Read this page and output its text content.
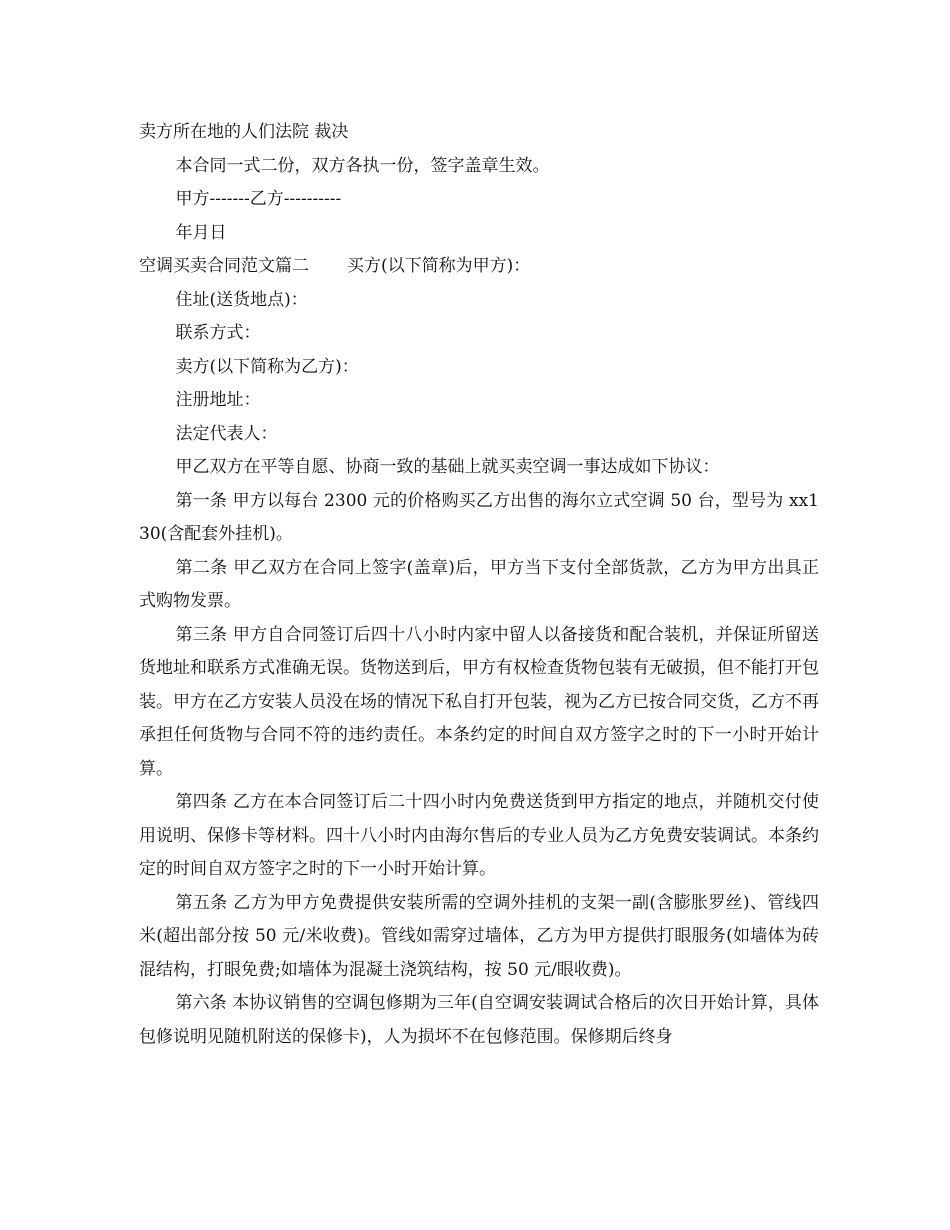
卖方所在地的人们法院 裁决

本合同一式二份，双方各执一份，签字盖章生效。

甲方-------乙方----------

年月日

空调买卖合同范文篇二 买方(以下简称为甲方)：

住址(送货地点)：

联系方式：

卖方(以下简称为乙方)：

注册地址：

法定代表人：

甲乙双方在平等自愿、协商一致的基础上就买卖空调一事达成如下协议：

第一条 甲方以每台 2300 元的价格购买乙方出售的海尔立式空调 50 台，型号为 xx130(含配套外挂机)。

第二条 甲乙双方在合同上签字(盖章)后，甲方当下支付全部货款，乙方为甲方出具正式购物发票。

第三条 甲方自合同签订后四十八小时内家中留人以备接货和配合装机，并保证所留送货地址和联系方式准确无误。货物送到后，甲方有权检查货物包装有无破损，但不能打开包装。甲方在乙方安装人员没在场的情况下私自打开包装，视为乙方已按合同交货，乙方不再承担任何货物与合同不符的违约责任。本条约定的时间自双方签字之时的下一小时开始计算。

第四条 乙方在本合同签订后二十四小时内免费送货到甲方指定的地点，并随机交付使用说明、保修卡等材料。四十八小时内由海尔售后的专业人员为乙方免费安装调试。本条约定的时间自双方签字之时的下一小时开始计算。

第五条 乙方为甲方免费提供安装所需的空调外挂机的支架一副(含膨胀罗丝)、管线四米(超出部分按 50 元/米收费)。管线如需穿过墙体，乙方为甲方提供打眼服务(如墙体为砖混结构，打眼免费;如墙体为混凝土浇筑结构，按 50 元/眼收费)。

第六条 本协议销售的空调包修期为三年(自空调安装调试合格后的次日开始计算，具体包修说明见随机附送的保修卡)，人为损坏不在包修范围。保修期后终身
